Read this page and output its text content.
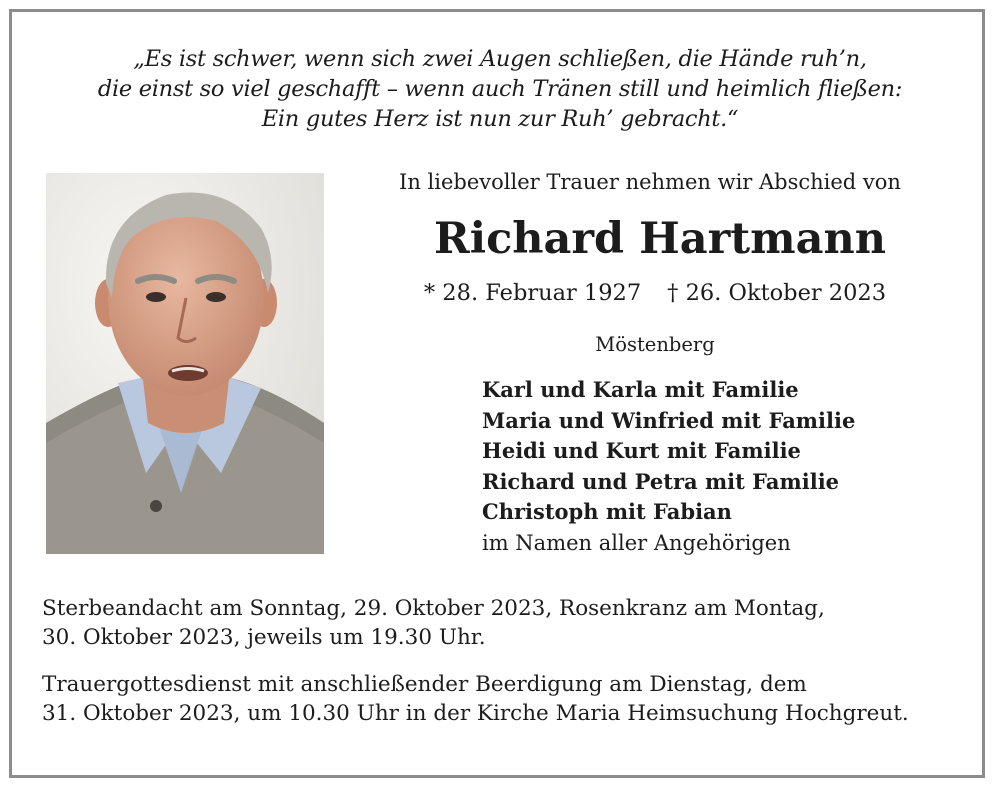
„Es ist schwer, wenn sich zwei Augen schließen, die Hände ruh’n,
die einst so viel geschafft – wenn auch Tränen still und heimlich fließen:
Ein gutes Herz ist nun zur Ruh’ gebracht.“
In liebevoller Trauer nehmen wir Abschied von
Richard Hartmann
* 28. Februar 1927 † 26. Oktober 2023
Möstenberg
Karl und Karla mit Familie
Maria und Winfried mit Familie
Heidi und Kurt mit Familie
Richard und Petra mit Familie
Christoph mit Fabian
im Namen aller Angehörigen
Sterbeandacht am Sonntag, 29. Oktober 2023, Rosenkranz am Montag,
30. Oktober 2023, jeweils um 19.30 Uhr.
Trauergottesdienst mit anschließender Beerdigung am Dienstag, dem
31. Oktober 2023, um 10.30 Uhr in der Kirche Maria Heimsuchung Hochgreut.
